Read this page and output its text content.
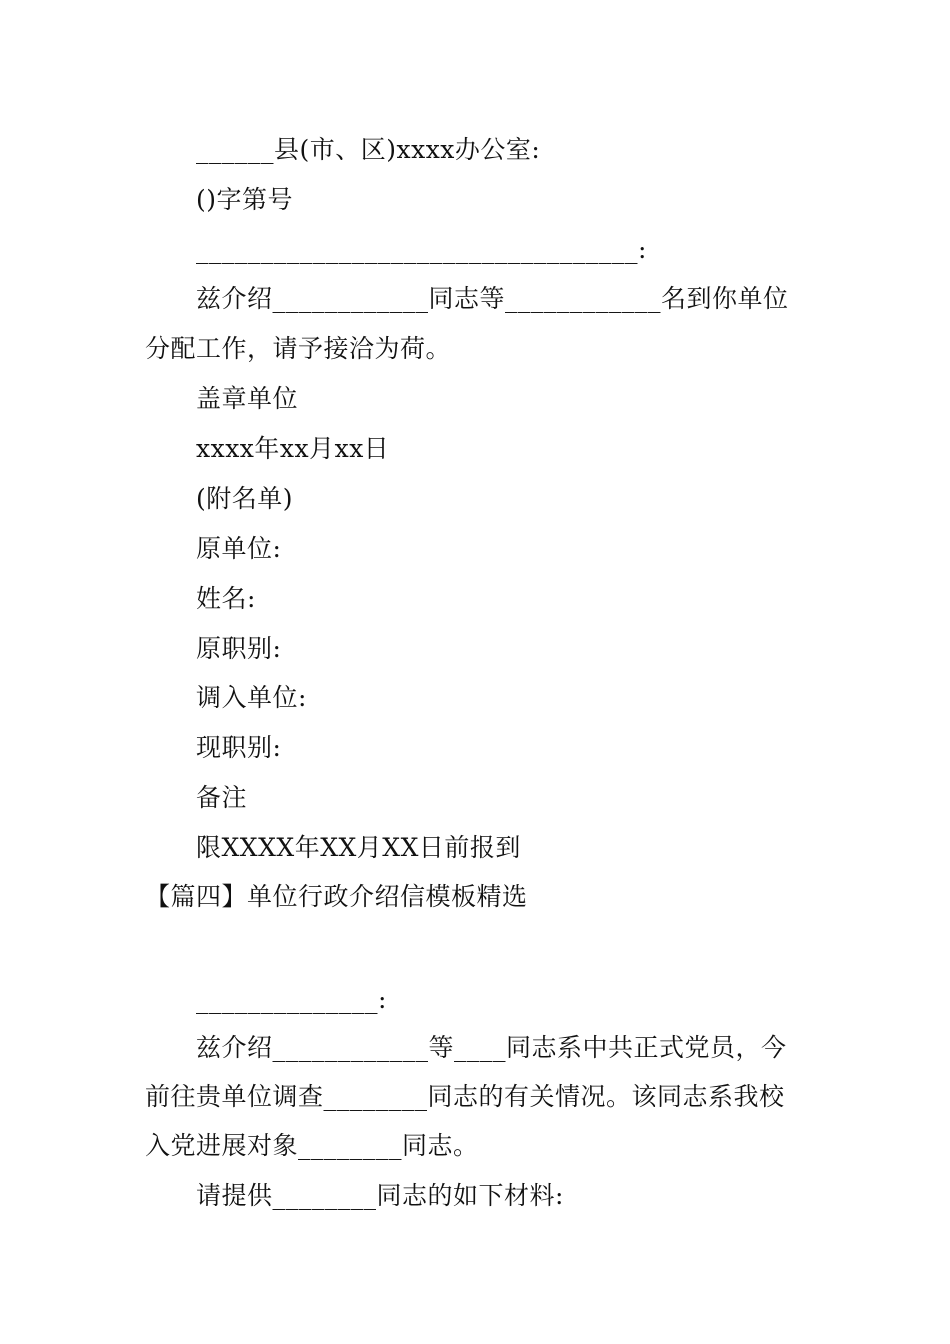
______县(市、区)xxxx办公室:
()字第号
__________________________________:
兹介绍____________同志等____________名到你单位
分配工作，请予接洽为荷。
盖章单位
xxxx年xx月xx日
(附名单)
原单位:
姓名:
原职别:
调入单位:
现职别:
备注
限XXXX年XX月XX日前报到
【篇四】单位行政介绍信模板精选
______________:
兹介绍____________等____同志系中共正式党员，今
前往贵单位调查________同志的有关情况。该同志系我校
入党进展对象________同志。
请提供________同志的如下材料:
